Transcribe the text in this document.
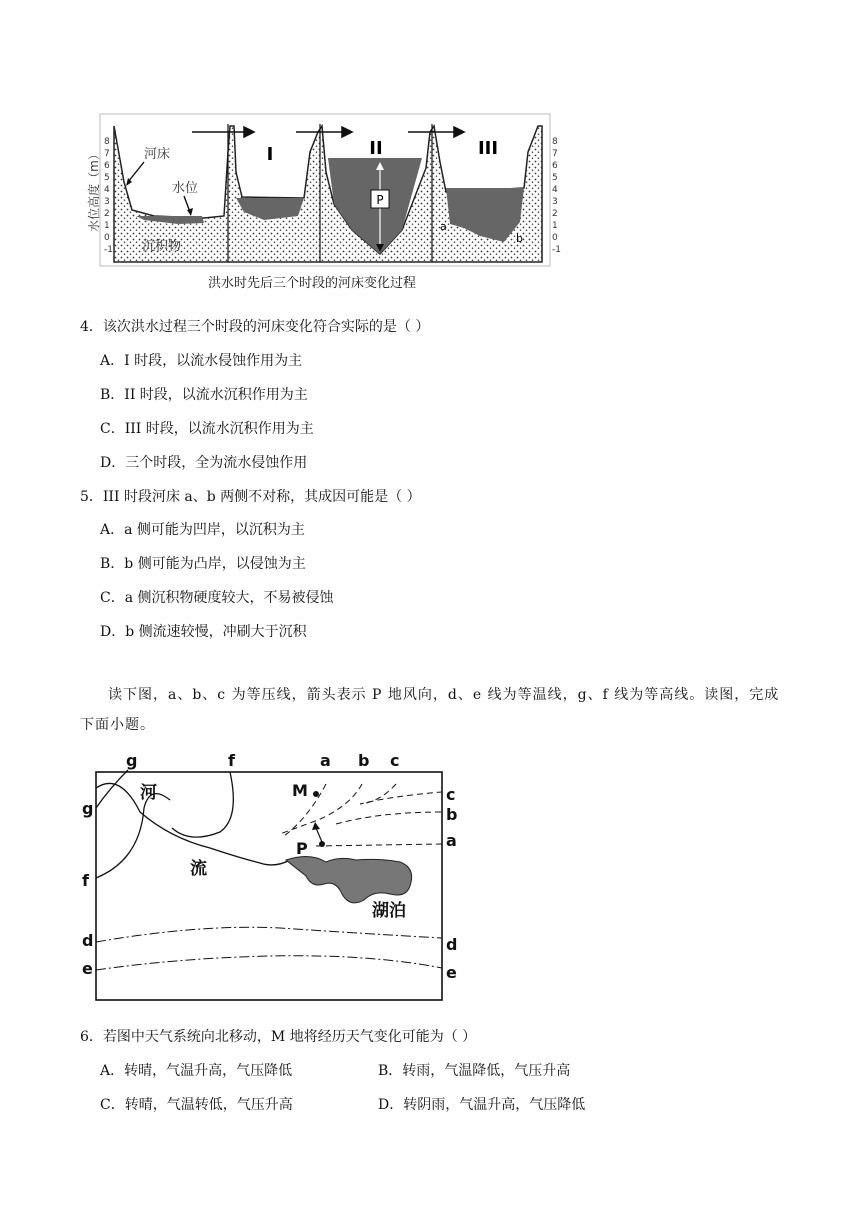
P
I	II	III
河床
水位
沉积物
a
b
水位高度（m）
8
7
6
5
4
3
2
1
0
-1
8
7
6
5
4
3
2
1
0
-1
洪水时先后三个时段的河床变化过程
4．该次洪水过程三个时段的河床变化符合实际的是（ ）
A．I 时段，以流水侵蚀作用为主
B．II 时段，以流水沉积作用为主
C．III 时段，以流水沉积作用为主
D．三个时段，全为流水侵蚀作用
5．III 时段河床 a、b 两侧不对称，其成因可能是（ ）
A．a 侧可能为凹岸，以沉积为主
B．b 侧可能为凸岸，以侵蚀为主
C．a 侧沉积物硬度较大，不易被侵蚀
D．b 侧流速较慢，冲刷大于沉积
读下图，a、b、c 为等压线，箭头表示 P 地风向，d、e 线为等温线，g、f 线为等高线。读图，完成下面小题。
g
g
f
f
a b c
c
b
a
d	d
e	e
M
P
河
流
湖泊
6．若图中天气系统向北移动，M 地将经历天气变化可能为（ ）
A．转晴，气温升高，气压降低	B．转雨，气温降低，气压升高
C．转晴，气温转低，气压升高	D．转阴雨，气温升高，气压降低
